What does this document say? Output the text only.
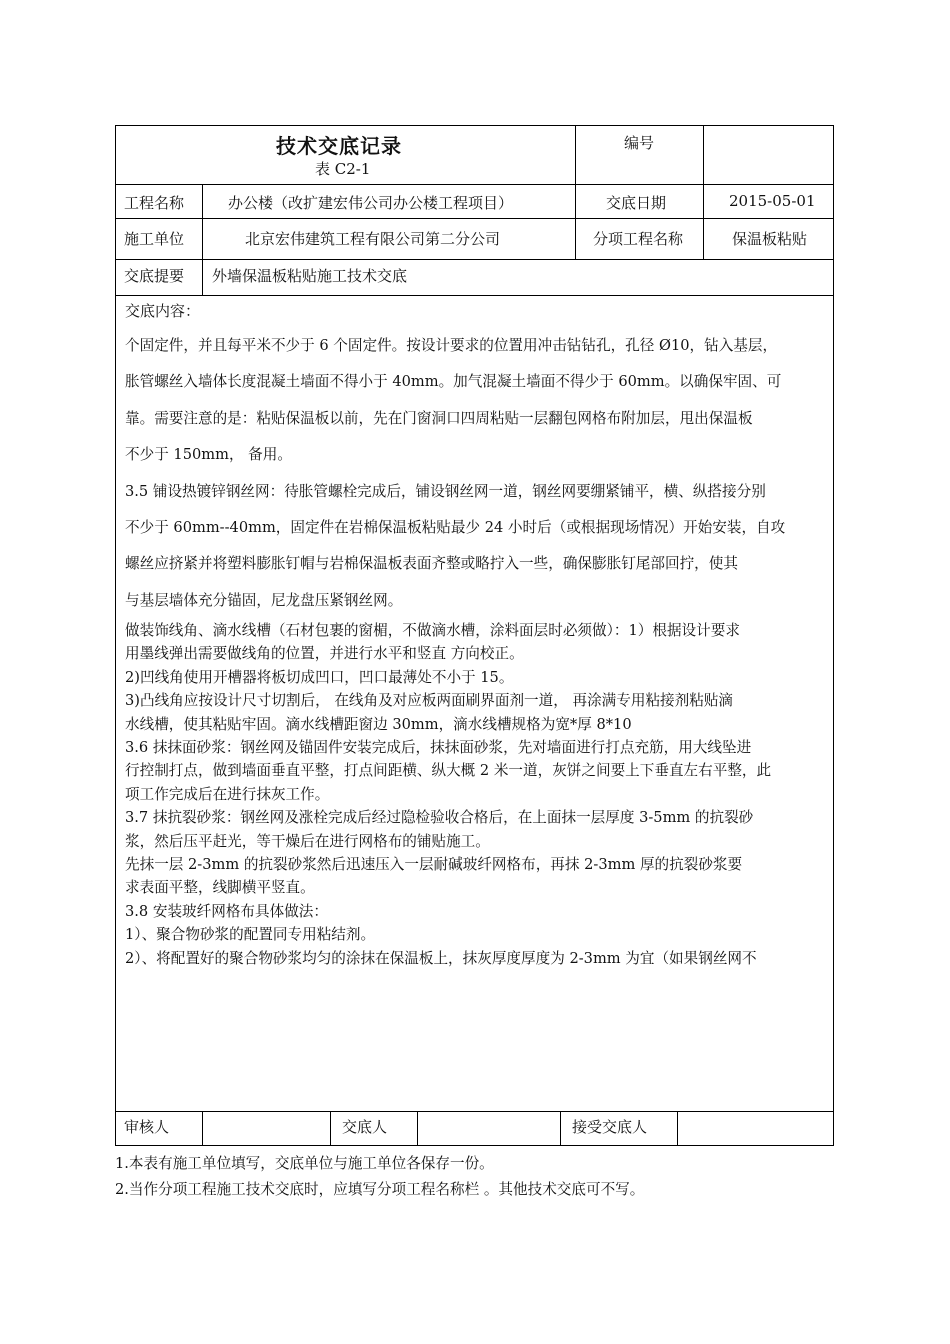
技术交底记录
表 C2-1
编号
工程名称	办公楼（改扩建宏伟公司办公楼工程项目）	交底日期	2015-05-01
施工单位	北京宏伟建筑工程有限公司第二分公司	分项工程名称	保温板粘贴
交底提要 外墙保温板粘贴施工技术交底
交底内容：
个固定件，并且每平米不少于 6 个固定件。按设计要求的位置用冲击钻钻孔，孔径 Ø10，钻入基层，
胀管螺丝入墙体长度混凝土墙面不得小于 40mm。加气混凝土墙面不得少于 60mm。以确保牢固、可
靠。需要注意的是：粘贴保温板以前，先在门窗洞口四周粘贴一层翻包网格布附加层，甩出保温板
不少于 150mm， 备用。
3.5 铺设热镀锌钢丝网：待胀管螺栓完成后，铺设钢丝网一道，钢丝网要绷紧铺平，横、纵搭接分别
不少于 60mm--40mm，固定件在岩棉保温板粘贴最少 24 小时后（或根据现场情况）开始安装，自攻
螺丝应挤紧并将塑料膨胀钉帽与岩棉保温板表面齐整或略拧入一些，确保膨胀钉尾部回拧，使其
与基层墙体充分锚固，尼龙盘压紧钢丝网。
做装饰线角、滴水线槽（石材包裹的窗楣，不做滴水槽，涂料面层时必须做）：1）根据设计要求
用墨线弹出需要做线角的位置，并进行水平和竖直 方向校正。
2)凹线角使用开槽器将板切成凹口，凹口最薄处不小于 15。
3)凸线角应按设计尺寸切割后， 在线角及对应板两面刷界面剂一道， 再涂满专用粘接剂粘贴滴
水线槽，使其粘贴牢固。滴水线槽距窗边 30mm，滴水线槽规格为宽*厚 8*10
3.6 抹抹面砂浆：钢丝网及锚固件安装完成后，抹抹面砂浆，先对墙面进行打点充筋，用大线坠进
行控制打点，做到墙面垂直平整，打点间距横、纵大概 2 米一道，灰饼之间要上下垂直左右平整，此
项工作完成后在进行抹灰工作。
3.7 抹抗裂砂浆：钢丝网及涨栓完成后经过隐检验收合格后，在上面抹一层厚度 3-5mm 的抗裂砂
浆，然后压平赶光，等干燥后在进行网格布的铺贴施工。
先抹一层 2-3mm 的抗裂砂浆然后迅速压入一层耐碱玻纤网格布，再抹 2-3mm 厚的抗裂砂浆要
求表面平整，线脚横平竖直。
3.8 安装玻纤网格布具体做法：
1）、聚合物砂浆的配置同专用粘结剂。
2）、将配置好的聚合物砂浆均匀的涂抹在保温板上，抹灰厚度厚度为 2-3mm 为宜（如果钢丝网不
审核人	交底人	接受交底人
1.本表有施工单位填写，交底单位与施工单位各保存一份。
2.当作分项工程施工技术交底时，应填写分项工程名称栏 。其他技术交底可不写。
